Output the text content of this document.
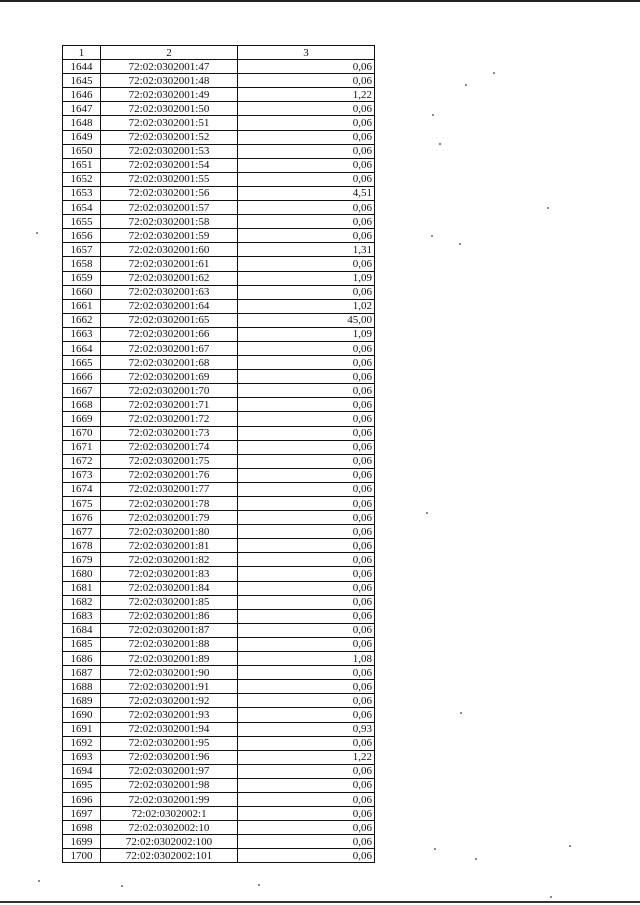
1	2	3
1644	72:02:0302001:47	0,06
1645	72:02:0302001:48	0,06
1646	72:02:0302001:49	1,22
1647	72:02:0302001:50	0,06
1648	72:02:0302001:51	0,06
1649	72:02:0302001:52	0,06
1650	72:02:0302001:53	0,06
1651	72:02:0302001:54	0,06
1652	72:02:0302001:55	0,06
1653	72:02:0302001:56	4,51
1654	72:02:0302001:57	0,06
1655	72:02:0302001:58	0,06
1656	72:02:0302001:59	0,06
1657	72:02:0302001:60	1,31
1658	72:02:0302001:61	0,06
1659	72:02:0302001:62	1,09
1660	72:02:0302001:63	0,06
1661	72:02:0302001:64	1,02
1662	72:02:0302001:65	45,00
1663	72:02:0302001:66	1,09
1664	72:02:0302001:67	0,06
1665	72:02:0302001:68	0,06
1666	72:02:0302001:69	0,06
1667	72:02:0302001:70	0,06
1668	72:02:0302001:71	0,06
1669	72:02:0302001:72	0,06
1670	72:02:0302001:73	0,06
1671	72:02:0302001:74	0,06
1672	72:02:0302001:75	0,06
1673	72:02:0302001:76	0,06
1674	72:02:0302001:77	0,06
1675	72:02:0302001:78	0,06
1676	72:02:0302001:79	0,06
1677	72:02:0302001:80	0,06
1678	72:02:0302001:81	0,06
1679	72:02:0302001:82	0,06
1680	72:02:0302001:83	0,06
1681	72:02:0302001:84	0,06
1682	72:02:0302001:85	0,06
1683	72:02:0302001:86	0,06
1684	72:02:0302001:87	0,06
1685	72:02:0302001:88	0,06
1686	72:02:0302001:89	1,08
1687	72:02:0302001:90	0,06
1688	72:02:0302001:91	0,06
1689	72:02:0302001:92	0,06
1690	72:02:0302001:93	0,06
1691	72:02:0302001:94	0,93
1692	72:02:0302001:95	0,06
1693	72:02:0302001:96	1,22
1694	72:02:0302001:97	0,06
1695	72:02:0302001:98	0,06
1696	72:02:0302001:99	0,06
1697	72:02:0302002:1	0,06
1698	72:02:0302002:10	0,06
1699	72:02:0302002:100	0,06
1700	72:02:0302002:101	0,06
